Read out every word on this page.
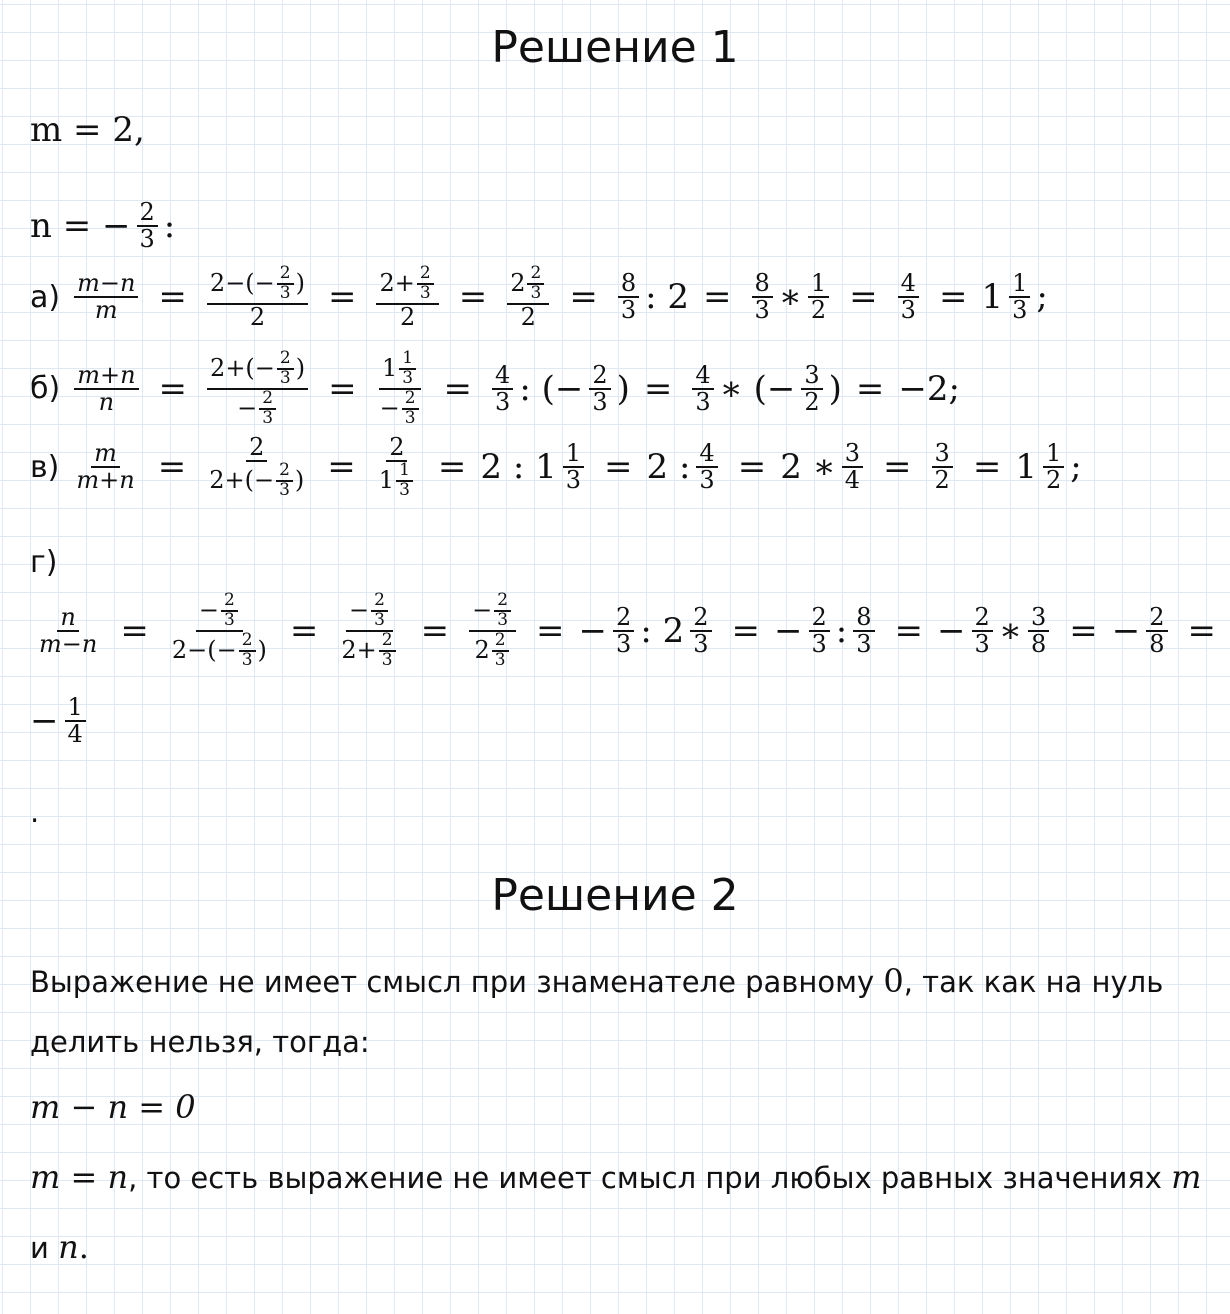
Решение 1
m = 2,
n = − $\frac{2}{3}$ :
$а) \frac{m-n}{m} = \frac{2-(- \frac{2}{3} )}{2} = \frac{2+ \frac{2}{3}}{2} = \frac{2 \frac{2}{3}}{2} = \frac{8}{3}$ : $2 = \frac{8}{3}$ ∗ $\frac{1}{2} = \frac{4}{3} = 1 \frac{1}{3}$ ;
$б) \frac{m+n}{n} = \frac{2+(- \frac{2}{3} )}{- \frac{2}{3}} = \frac{1 \frac{1}{3}}{- \frac{2}{3}} = \frac{4}{3}$ : (− $\frac{2}{3}$ ) = $\frac{4}{3}$ ∗ (− $\frac{3}{2}$ ) = −2;
$в) \frac{m}{m+n} = \frac{2}{2+(- \frac{2}{3} )} = \frac{2}{1 \frac{1}{3}} = 2$ : $1 \frac{1}{3} = 2$ : $\frac{4}{3} = 2$ ∗ $\frac{3}{4} = \frac{3}{2} = 1 \frac{1}{2}$ ;
г)
$\frac{n}{m-n} = \frac{- \frac{2}{3}}{2-(- \frac{2}{3} )} = \frac{- \frac{2}{3}}{2+ \frac{2}{3}} = \frac{- \frac{2}{3}}{2 \frac{2}{3}}$ = − $\frac{2}{3}$ : $2 \frac{2}{3}$ = − $\frac{2}{3}$ : $\frac{8}{3}$ = − $\frac{2}{3}$ ∗ $\frac{3}{8}$ = − $\frac{2}{8}$ =
− $\frac{1}{4}$
.
Решение 2
Выражение не имеет смысл при знаменателе равному 0, так как на нуль
делить нельзя, тогда:
m − n = 0
m = n, то есть выражение не имеет смысл при любых равных значениях m
и n.
